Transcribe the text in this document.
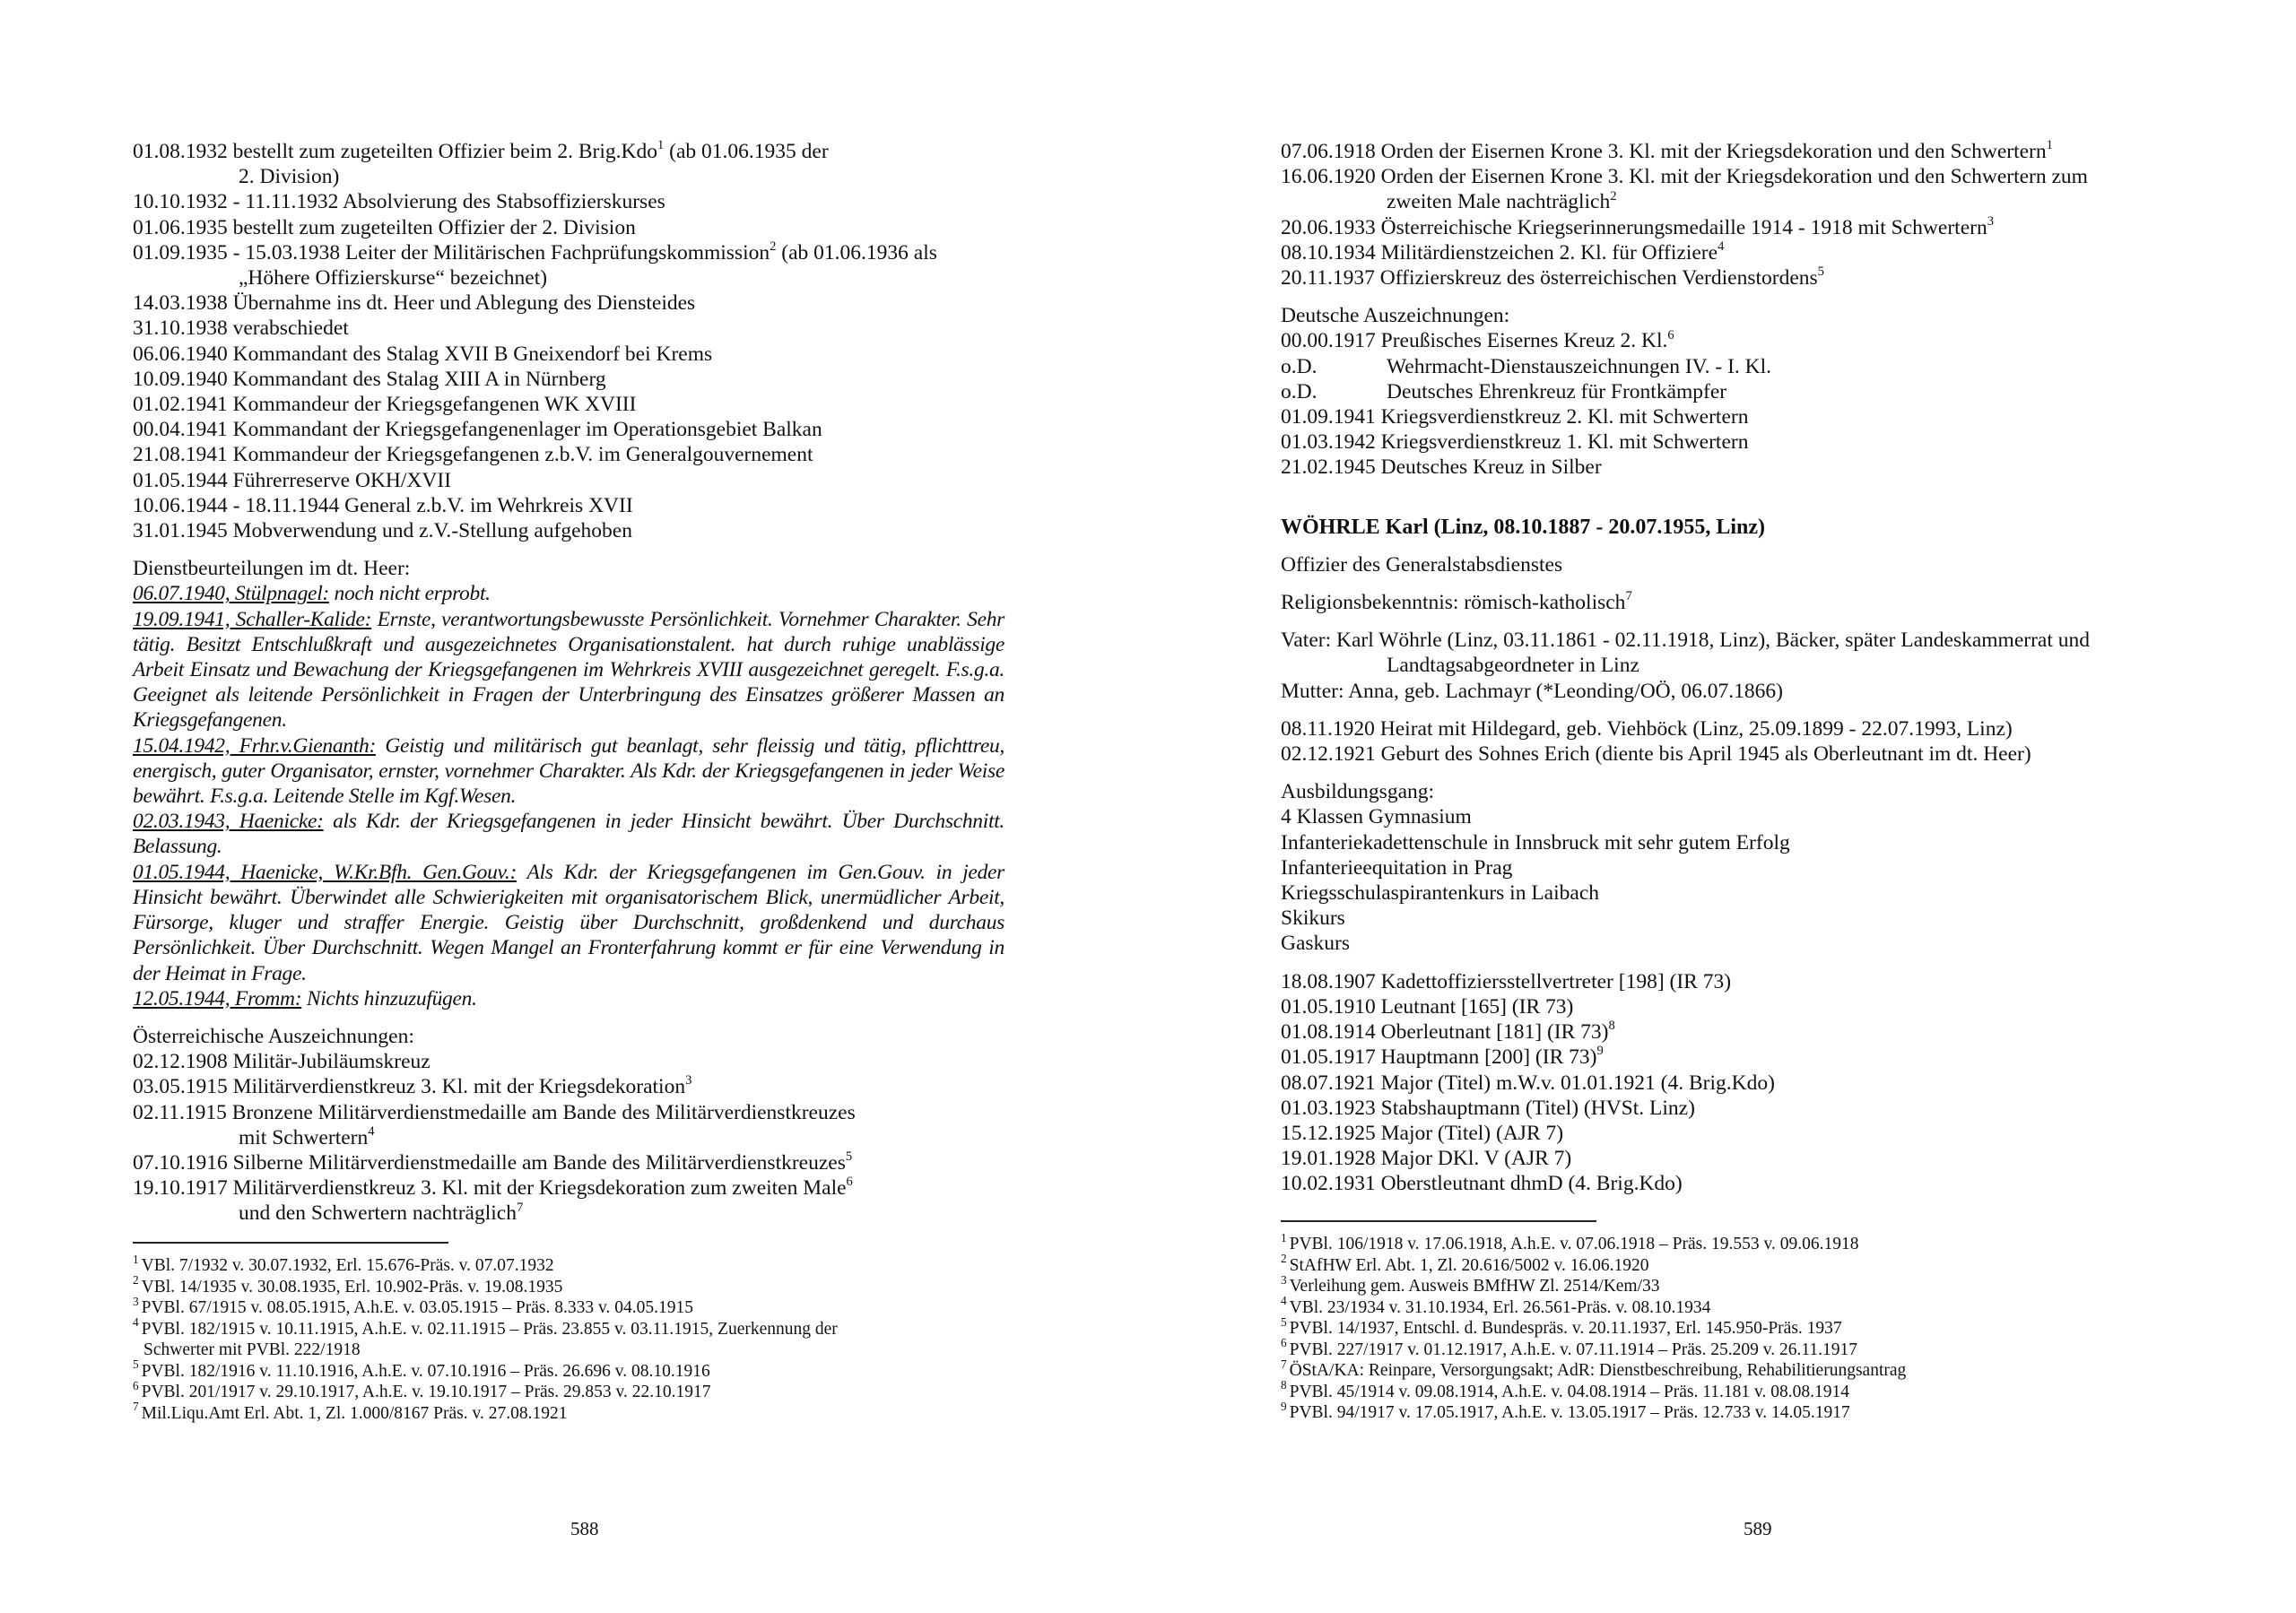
01.08.1932 bestellt zum zugeteilten Offizier beim 2. Brig.Kdo$^1$ (ab 01.06.1935 der
2. Division)
10.10.1932 - 11.11.1932 Absolvierung des Stabsoffizierskurses
01.06.1935 bestellt zum zugeteilten Offizier der 2. Division
01.09.1935 - 15.03.1938 Leiter der Militärischen Fachprüfungskommission$^2$ (ab 01.06.1936 als
„Höhere Offizierskurse“ bezeichnet)
14.03.1938 Übernahme ins dt. Heer und Ablegung des Diensteides
31.10.1938 verabschiedet
06.06.1940 Kommandant des Stalag XVII B Gneixendorf bei Krems
10.09.1940 Kommandant des Stalag XIII A in Nürnberg
01.02.1941 Kommandeur der Kriegsgefangenen WK XVIII
00.04.1941 Kommandant der Kriegsgefangenenlager im Operationsgebiet Balkan
21.08.1941 Kommandeur der Kriegsgefangenen z.b.V. im Generalgouvernement
01.05.1944 Führerreserve OKH/XVII
10.06.1944 - 18.11.1944 General z.b.V. im Wehrkreis XVII
31.01.1945 Mobverwendung und z.V.-Stellung aufgehoben
Dienstbeurteilungen im dt. Heer:
06.07.1940, Stülpnagel: noch nicht erprobt.
19.09.1941, Schaller-Kalide: Ernste, verantwortungsbewusste Persönlichkeit. Vornehmer Charakter. Sehr tätig. Besitzt Entschlußkraft und ausgezeichnetes Organisationstalent. hat durch ruhige unablässige Arbeit Einsatz und Bewachung der Kriegsgefangenen im Wehrkreis XVIII ausgezeichnet geregelt. F.s.g.a. Geeignet als leitende Persönlichkeit in Fragen der Unterbringung des Einsatzes größerer Massen an Kriegsgefangenen.
15.04.1942, Frhr.v.Gienanth: Geistig und militärisch gut beanlagt, sehr fleissig und tätig, pflichttreu, energisch, guter Organisator, ernster, vornehmer Charakter. Als Kdr. der Kriegsgefangenen in jeder Weise bewährt. F.s.g.a. Leitende Stelle im Kgf.Wesen.
02.03.1943, Haenicke: als Kdr. der Kriegsgefangenen in jeder Hinsicht bewährt. Über Durchschnitt. Belassung.
01.05.1944, Haenicke, W.Kr.Bfh. Gen.Gouv.: Als Kdr. der Kriegsgefangenen im Gen.Gouv. in jeder Hinsicht bewährt. Überwindet alle Schwierigkeiten mit organisatorischem Blick, unermüdlicher Arbeit, Fürsorge, kluger und straffer Energie. Geistig über Durchschnitt, großdenkend und durchaus Persönlichkeit. Über Durchschnitt. Wegen Mangel an Fronterfahrung kommt er für eine Verwendung in der Heimat in Frage.
12.05.1944, Fromm: Nichts hinzuzufügen.
Österreichische Auszeichnungen:
02.12.1908 Militär-Jubiläumskreuz
03.05.1915 Militärverdienstkreuz 3. Kl. mit der Kriegsdekoration$^3$
02.11.1915 Bronzene Militärverdienstmedaille am Bande des Militärverdienstkreuzes
mit Schwertern$^4$
07.10.1916 Silberne Militärverdienstmedaille am Bande des Militärverdienstkreuzes$^5$
19.10.1917 Militärverdienstkreuz 3. Kl. mit der Kriegsdekoration zum zweiten Male$^6$
und den Schwertern nachträglich$^7$
$^1$ VBl. 7/1932 v. 30.07.1932, Erl. 15.676-Präs. v. 07.07.1932
$^2$ VBl. 14/1935 v. 30.08.1935, Erl. 10.902-Präs. v. 19.08.1935
$^3$ PVBl. 67/1915 v. 08.05.1915, A.h.E. v. 03.05.1915 – Präs. 8.333 v. 04.05.1915
$^4$ PVBl. 182/1915 v. 10.11.1915, A.h.E. v. 02.11.1915 – Präs. 23.855 v. 03.11.1915, Zuerkennung der
Schwerter mit PVBl. 222/1918
$^5$ PVBl. 182/1916 v. 11.10.1916, A.h.E. v. 07.10.1916 – Präs. 26.696 v. 08.10.1916
$^6$ PVBl. 201/1917 v. 29.10.1917, A.h.E. v. 19.10.1917 – Präs. 29.853 v. 22.10.1917
$^7$ Mil.Liqu.Amt Erl. Abt. 1, Zl. 1.000/8167 Präs. v. 27.08.1921
588
07.06.1918 Orden der Eisernen Krone 3. Kl. mit der Kriegsdekoration und den Schwertern$^1$
16.06.1920 Orden der Eisernen Krone 3. Kl. mit der Kriegsdekoration und den Schwertern zum
zweiten Male nachträglich$^2$
20.06.1933 Österreichische Kriegserinnerungsmedaille 1914 - 1918 mit Schwertern$^3$
08.10.1934 Militärdienstzeichen 2. Kl. für Offiziere$^4$
20.11.1937 Offizierskreuz des österreichischen Verdienstordens$^5$
Deutsche Auszeichnungen:
00.00.1917 Preußisches Eisernes Kreuz 2. Kl.$^6$
o.D.	Wehrmacht-Dienstauszeichnungen IV. - I. Kl.
o.D.	Deutsches Ehrenkreuz für Frontkämpfer
01.09.1941 Kriegsverdienstkreuz 2. Kl. mit Schwertern
01.03.1942 Kriegsverdienstkreuz 1. Kl. mit Schwertern
21.02.1945 Deutsches Kreuz in Silber
WÖHRLE Karl (Linz, 08.10.1887 - 20.07.1955, Linz)
Offizier des Generalstabsdienstes
Religionsbekenntnis: römisch-katholisch$^7$
Vater: Karl Wöhrle (Linz, 03.11.1861 - 02.11.1918, Linz), Bäcker, später Landeskammerrat und
Landtagsabgeordneter in Linz
Mutter: Anna, geb. Lachmayr (*Leonding/OÖ, 06.07.1866)
08.11.1920 Heirat mit Hildegard, geb. Viehböck (Linz, 25.09.1899 - 22.07.1993, Linz)
02.12.1921 Geburt des Sohnes Erich (diente bis April 1945 als Oberleutnant im dt. Heer)
Ausbildungsgang:
4 Klassen Gymnasium
Infanteriekadettenschule in Innsbruck mit sehr gutem Erfolg
Infanterieequitation in Prag
Kriegsschulaspirantenkurs in Laibach
Skikurs
Gaskurs
18.08.1907 Kadettoffiziersstellvertreter [198] (IR 73)
01.05.1910 Leutnant [165] (IR 73)
01.08.1914 Oberleutnant [181] (IR 73)$^8$
01.05.1917 Hauptmann [200] (IR 73)$^9$
08.07.1921 Major (Titel) m.W.v. 01.01.1921 (4. Brig.Kdo)
01.03.1923 Stabshauptmann (Titel) (HVSt. Linz)
15.12.1925 Major (Titel) (AJR 7)
19.01.1928 Major DKl. V (AJR 7)
10.02.1931 Oberstleutnant dhmD (4. Brig.Kdo)
$^1$ PVBl. 106/1918 v. 17.06.1918, A.h.E. v. 07.06.1918 – Präs. 19.553 v. 09.06.1918
$^2$ StAfHW Erl. Abt. 1, Zl. 20.616/5002 v. 16.06.1920
$^3$ Verleihung gem. Ausweis BMfHW Zl. 2514/Kem/33
$^4$ VBl. 23/1934 v. 31.10.1934, Erl. 26.561-Präs. v. 08.10.1934
$^5$ PVBl. 14/1937, Entschl. d. Bundespräs. v. 20.11.1937, Erl. 145.950-Präs. 1937
$^6$ PVBl. 227/1917 v. 01.12.1917, A.h.E. v. 07.11.1914 – Präs. 25.209 v. 26.11.1917
$^7$ ÖStA/KA: Reinpare, Versorgungsakt; AdR: Dienstbeschreibung, Rehabilitierungsantrag
$^8$ PVBl. 45/1914 v. 09.08.1914, A.h.E. v. 04.08.1914 – Präs. 11.181 v. 08.08.1914
$^9$ PVBl. 94/1917 v. 17.05.1917, A.h.E. v. 13.05.1917 – Präs. 12.733 v. 14.05.1917
589
